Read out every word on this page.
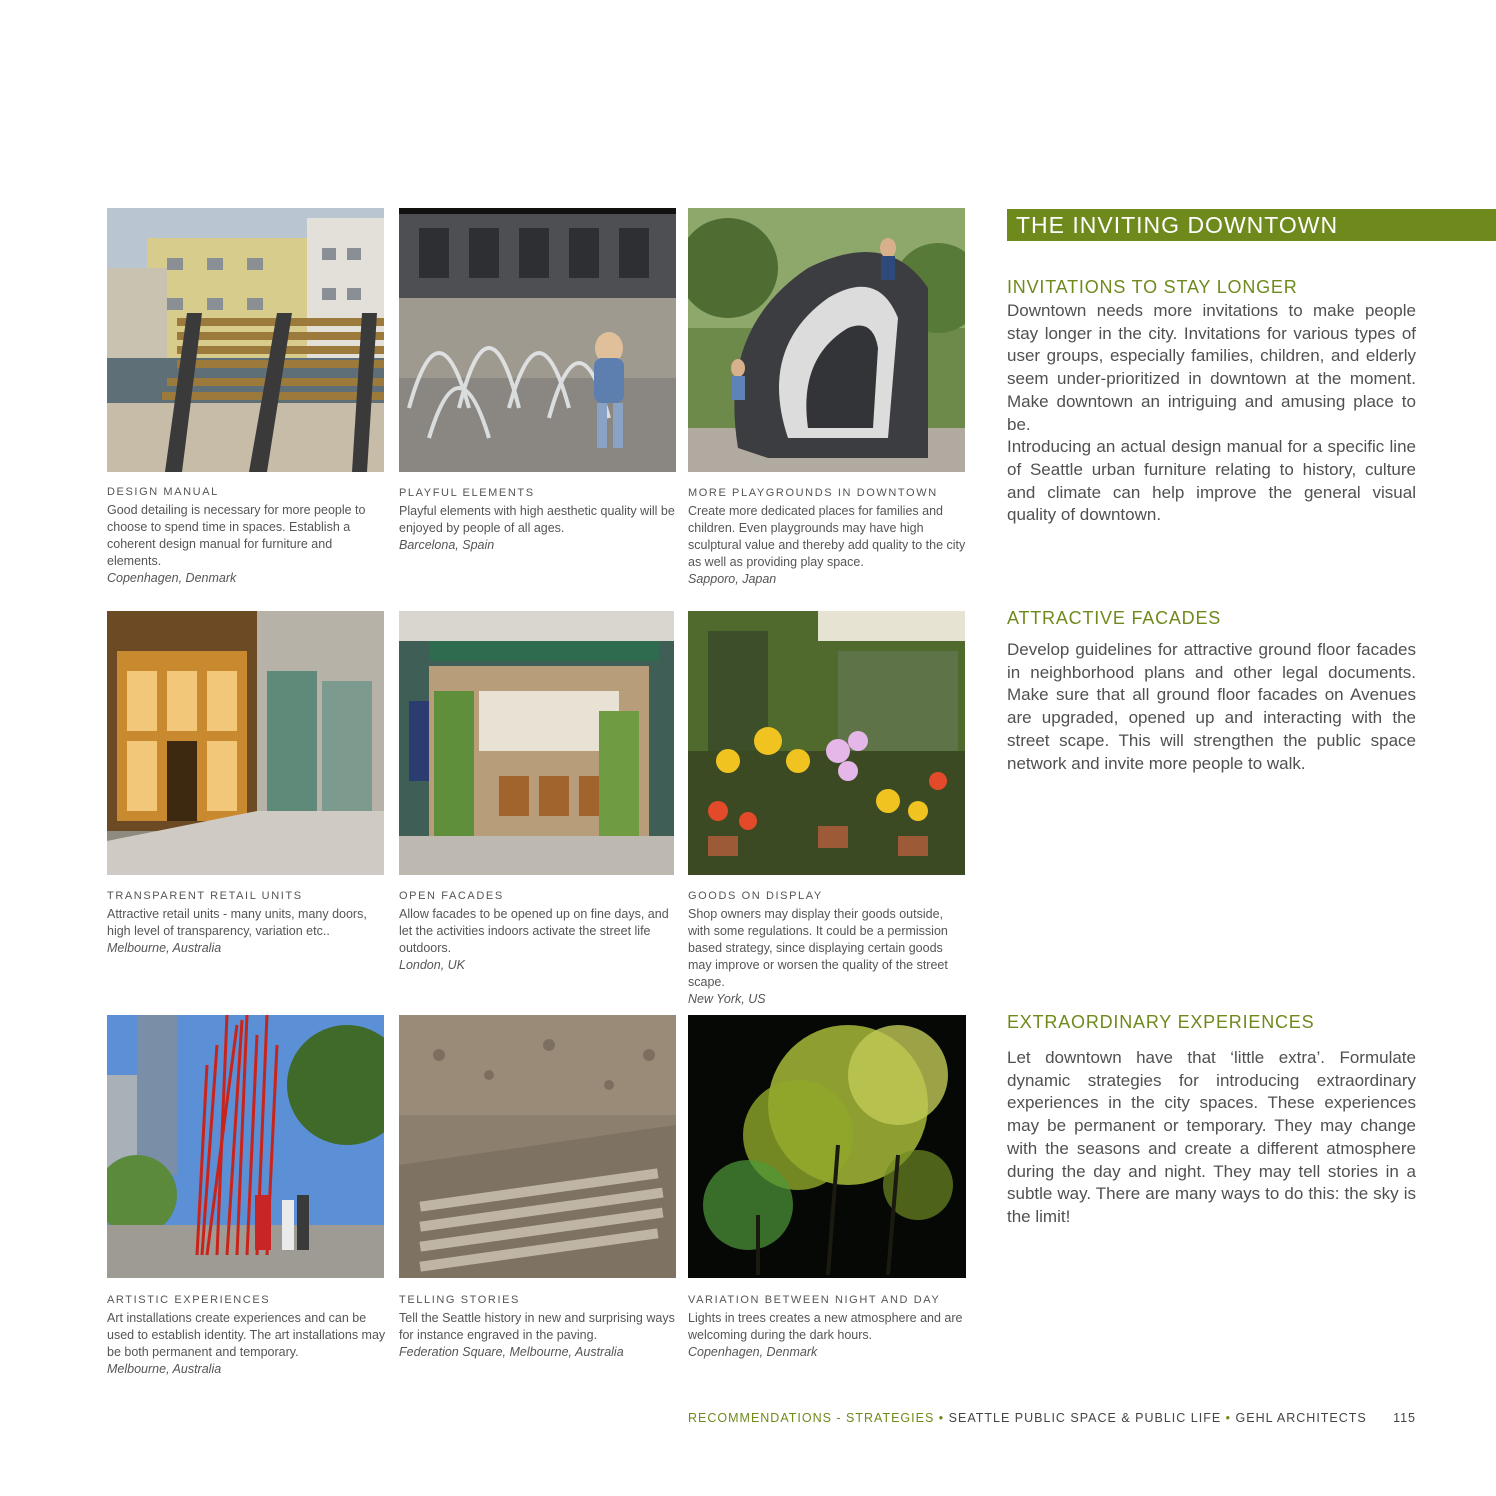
DESIGN MANUAL
Good detailing is necessary for more people to choose to spend time in spaces. Establish a coherent design manual for furniture and elements.
Copenhagen, Denmark
PLAYFUL ELEMENTS
Playful elements with high aesthetic quality will be enjoyed by people of all ages.
Barcelona, Spain
MORE PLAYGROUNDS IN DOWNTOWN
Create more dedicated places for families and children. Even playgrounds may have high sculptural value and thereby add quality to the city as well as providing play space.
Sapporo, Japan
TRANSPARENT RETAIL UNITS
Attractive retail units - many units, many doors, high level of transparency, variation etc..
Melbourne, Australia
OPEN FACADES
Allow facades to be opened up on fine days, and let the activities indoors activate the street life outdoors.
London, UK
GOODS ON DISPLAY
Shop owners may display their goods outside, with some regulations. It could be a permission based strategy, since displaying certain goods may improve or worsen the quality of the street scape.
New York, US
ARTISTIC EXPERIENCES
Art installations create experiences and can be used to establish identity. The art installations may be both permanent and temporary.
Melbourne, Australia
TELLING STORIES
Tell the Seattle history in new and surprising ways for instance engraved in the paving.
Federation Square, Melbourne, Australia
VARIATION BETWEEN NIGHT AND DAY
Lights in trees creates a new atmosphere and are welcoming during the dark hours.
Copenhagen, Denmark
THE INVITING DOWNTOWN
INVITATIONS TO STAY LONGER

Downtown needs more invitations to make people stay longer in the city. Invitations for various types of user groups, especially families, children, and elderly seem under-prioritized in downtown at the moment. Make downtown an intriguing and amusing place to be.

Introducing an actual design manual for a specific line of Seattle urban furniture relating to history, culture and climate can help improve the general visual quality of downtown.

ATTRACTIVE FACADES

Develop guidelines for attractive ground floor facades in neighborhood plans and other legal documents. Make sure that all ground floor facades on Avenues are upgraded, opened up and interacting with the street scape. This will strengthen the public space network and invite more people to walk.

EXTRAORDINARY EXPERIENCES

Let downtown have that ‘little extra’. Formulate dynamic strategies for introducing extraordinary experiences in the city spaces. These experiences may be permanent or temporary. They may change with the seasons and create a different atmosphere during the day and night. They may tell stories in a subtle way. There are many ways to do this: the sky is the limit!

RECOMMENDATIONS - STRATEGIES • SEATTLE PUBLIC SPACE & PUBLIC LIFE • GEHL ARCHITECTS 115
